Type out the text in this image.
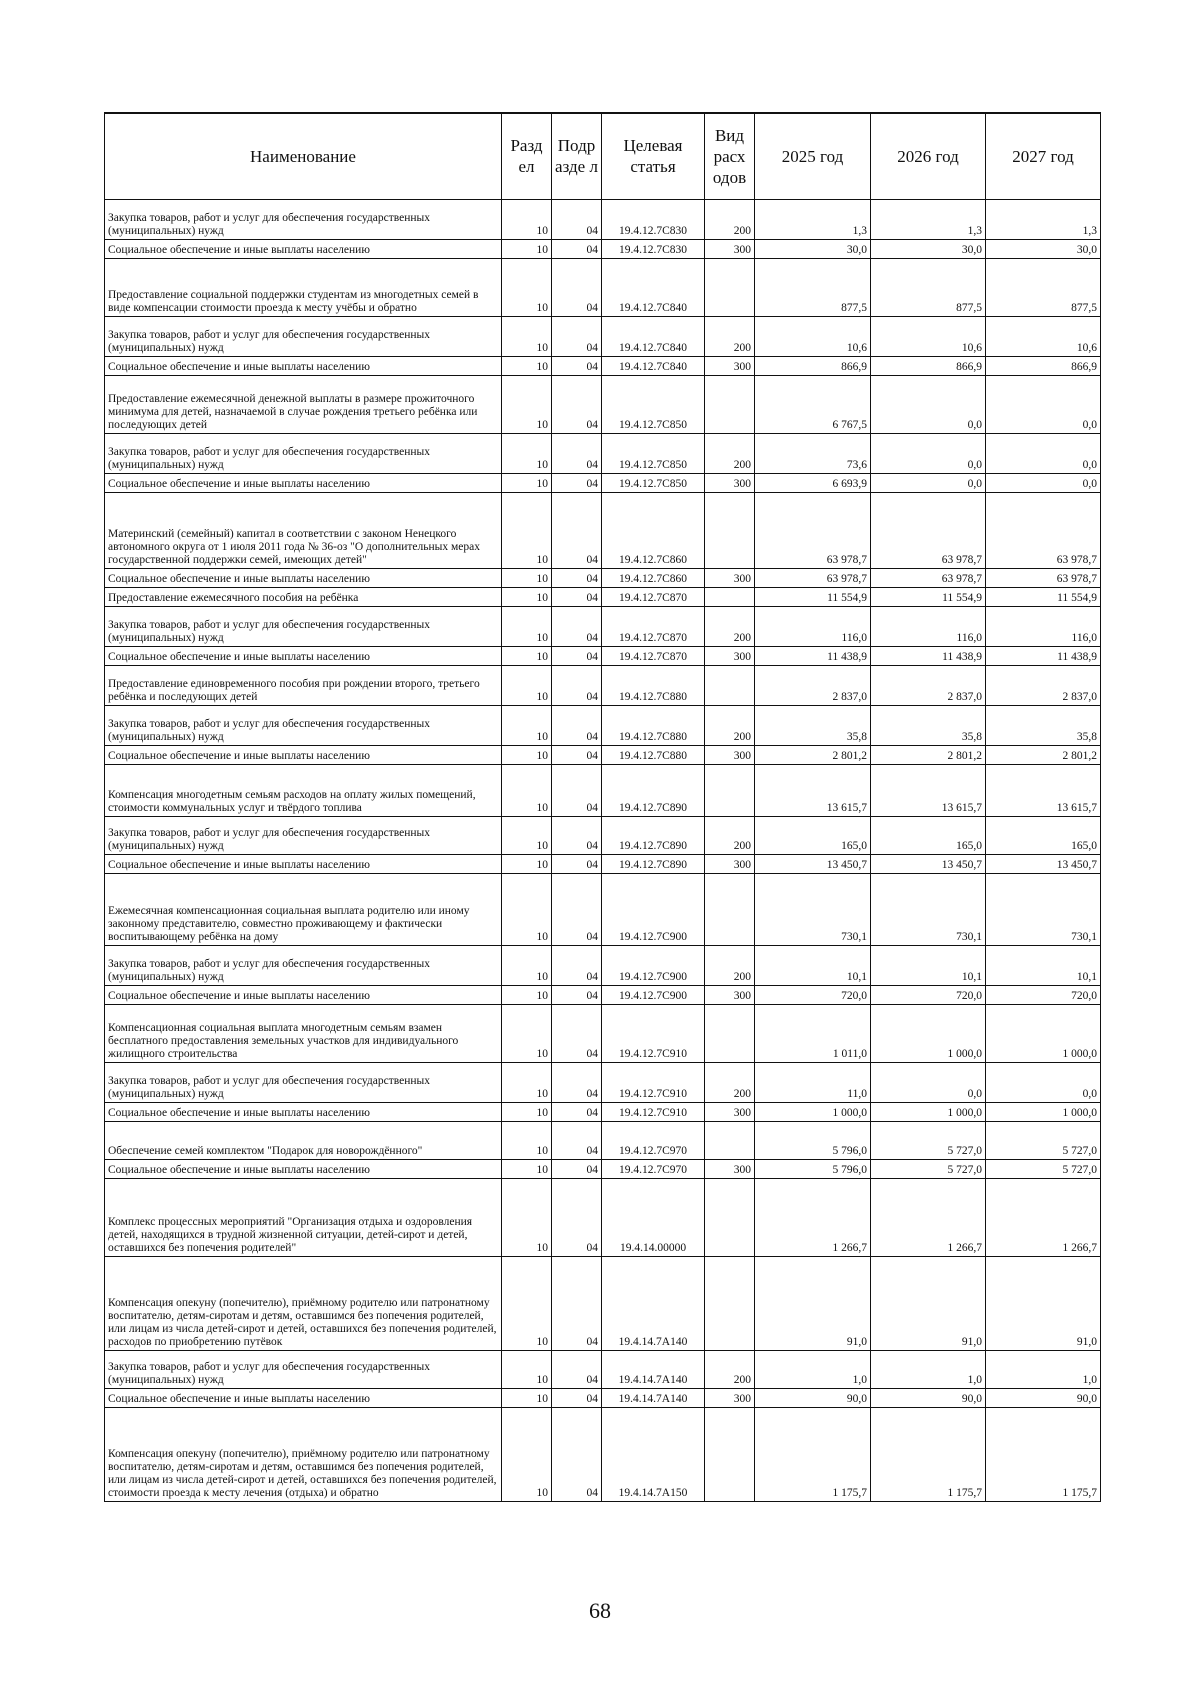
Наименование	Разд ел	Подр азде л	Целевая статья	Вид расх одов	2025 год	2026 год	2027 год
Закупка товаров, работ и услуг для обеспечения государственных (муниципальных) нужд	10	04	19.4.12.7С830	200	1,3	1,3	1,3
Социальное обеспечение и иные выплаты населению	10	04	19.4.12.7С830	300	30,0	30,0	30,0
Предоставление социальной поддержки студентам из многодетных семей в виде компенсации стоимости проезда к месту учёбы и обратно	10	04	19.4.12.7С840		877,5	877,5	877,5
Закупка товаров, работ и услуг для обеспечения государственных (муниципальных) нужд	10	04	19.4.12.7С840	200	10,6	10,6	10,6
Социальное обеспечение и иные выплаты населению	10	04	19.4.12.7С840	300	866,9	866,9	866,9
Предоставление ежемесячной денежной выплаты в размере прожиточного минимума для детей, назначаемой в случае рождения третьего ребёнка или последующих детей	10	04	19.4.12.7С850		6 767,5	0,0	0,0
Закупка товаров, работ и услуг для обеспечения государственных (муниципальных) нужд	10	04	19.4.12.7С850	200	73,6	0,0	0,0
Социальное обеспечение и иные выплаты населению	10	04	19.4.12.7С850	300	6 693,9	0,0	0,0
Материнский (семейный) капитал в соответствии с законом Ненецкого автономного округа от 1 июля 2011 года № 36-оз "О дополнительных мерах государственной поддержки семей, имеющих детей"	10	04	19.4.12.7С860		63 978,7	63 978,7	63 978,7
Социальное обеспечение и иные выплаты населению	10	04	19.4.12.7С860	300	63 978,7	63 978,7	63 978,7
Предоставление ежемесячного пособия на ребёнка	10	04	19.4.12.7С870		11 554,9	11 554,9	11 554,9
Закупка товаров, работ и услуг для обеспечения государственных (муниципальных) нужд	10	04	19.4.12.7С870	200	116,0	116,0	116,0
Социальное обеспечение и иные выплаты населению	10	04	19.4.12.7С870	300	11 438,9	11 438,9	11 438,9
Предоставление единовременного пособия при рождении второго, третьего ребёнка и последующих детей	10	04	19.4.12.7С880		2 837,0	2 837,0	2 837,0
Закупка товаров, работ и услуг для обеспечения государственных (муниципальных) нужд	10	04	19.4.12.7С880	200	35,8	35,8	35,8
Социальное обеспечение и иные выплаты населению	10	04	19.4.12.7С880	300	2 801,2	2 801,2	2 801,2
Компенсация многодетным семьям расходов на оплату жилых помещений, стоимости коммунальных услуг и твёрдого топлива	10	04	19.4.12.7С890		13 615,7	13 615,7	13 615,7
Закупка товаров, работ и услуг для обеспечения государственных (муниципальных) нужд	10	04	19.4.12.7С890	200	165,0	165,0	165,0
Социальное обеспечение и иные выплаты населению	10	04	19.4.12.7С890	300	13 450,7	13 450,7	13 450,7
Ежемесячная компенсационная социальная выплата родителю или иному законному представителю, совместно проживающему и фактически воспитывающему ребёнка на дому	10	04	19.4.12.7С900		730,1	730,1	730,1
Закупка товаров, работ и услуг для обеспечения государственных (муниципальных) нужд	10	04	19.4.12.7С900	200	10,1	10,1	10,1
Социальное обеспечение и иные выплаты населению	10	04	19.4.12.7С900	300	720,0	720,0	720,0
Компенсационная социальная выплата многодетным семьям взамен бесплатного предоставления земельных участков для индивидуального жилищного строительства	10	04	19.4.12.7С910		1 011,0	1 000,0	1 000,0
Закупка товаров, работ и услуг для обеспечения государственных (муниципальных) нужд	10	04	19.4.12.7С910	200	11,0	0,0	0,0
Социальное обеспечение и иные выплаты населению	10	04	19.4.12.7С910	300	1 000,0	1 000,0	1 000,0
Обеспечение семей комплектом "Подарок для новорождённого"	10	04	19.4.12.7С970		5 796,0	5 727,0	5 727,0
Социальное обеспечение и иные выплаты населению	10	04	19.4.12.7С970	300	5 796,0	5 727,0	5 727,0
Комплекс процессных мероприятий "Организация отдыха и оздоровления детей, находящихся в трудной жизненной ситуации, детей-сирот и детей, оставшихся без попечения родителей"	10	04	19.4.14.00000		1 266,7	1 266,7	1 266,7
Компенсация опекуну (попечителю), приёмному родителю или патронатному воспитателю, детям-сиротам и детям, оставшимся без попечения родителей, или лицам из числа детей-сирот и детей, оставшихся без попечения родителей, расходов по приобретению путёвок	10	04	19.4.14.7А140		91,0	91,0	91,0
Закупка товаров, работ и услуг для обеспечения государственных (муниципальных) нужд	10	04	19.4.14.7А140	200	1,0	1,0	1,0
Социальное обеспечение и иные выплаты населению	10	04	19.4.14.7А140	300	90,0	90,0	90,0
Компенсация опекуну (попечителю), приёмному родителю или патронатному воспитателю, детям-сиротам и детям, оставшимся без попечения родителей, или лицам из числа детей-сирот и детей, оставшихся без попечения родителей, стоимости проезда к месту лечения (отдыха) и обратно	10	04	19.4.14.7А150		1 175,7	1 175,7	1 175,7
68
